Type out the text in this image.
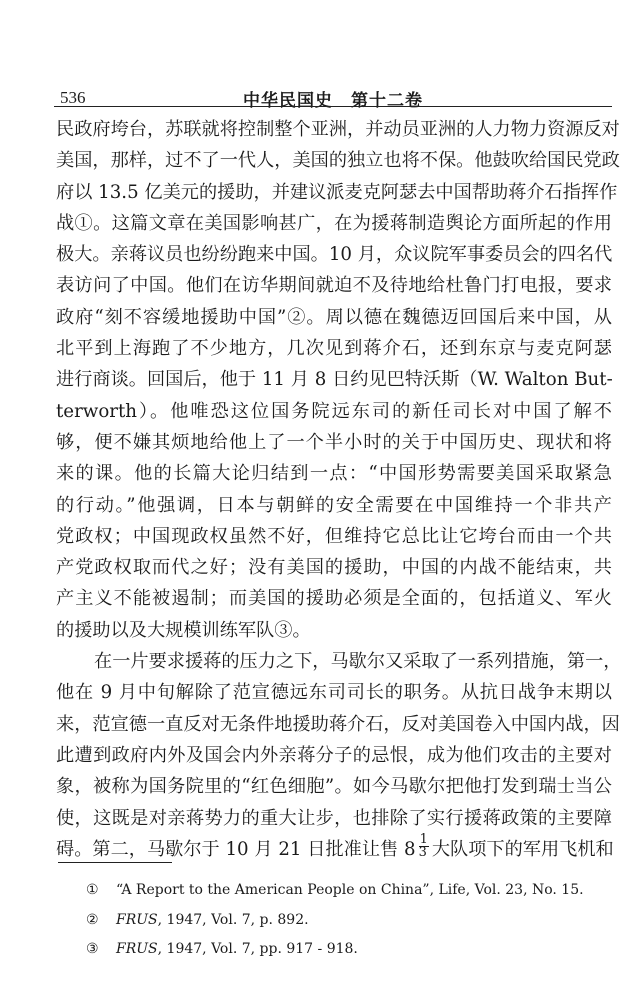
536	中华民国史　第十二卷
民政府垮台，苏联就将控制整个亚洲，并动员亚洲的人力物力资源反对
美国，那样，过不了一代人，美国的独立也将不保。他鼓吹给国民党政
府以 13.5 亿美元的援助，并建议派麦克阿瑟去中国帮助蒋介石指挥作
战①。这篇文章在美国影响甚广，在为援蒋制造舆论方面所起的作用
极大。亲蒋议员也纷纷跑来中国。10 月，众议院军事委员会的四名代
表访问了中国。他们在访华期间就迫不及待地给杜鲁门打电报，要求
政府“刻不容缓地援助中国”②。周以德在魏德迈回国后来中国，从
北平到上海跑了不少地方，几次见到蒋介石，还到东京与麦克阿瑟
进行商谈。回国后，他于 11 月 8 日约见巴特沃斯（W. Walton But-
terworth）。他唯恐这位国务院远东司的新任司长对中国了解不
够，便不嫌其烦地给他上了一个半小时的关于中国历史、现状和将
来的课。他的长篇大论归结到一点：“中国形势需要美国采取紧急
的行动。”他强调，日本与朝鲜的安全需要在中国维持一个非共产
党政权；中国现政权虽然不好，但维持它总比让它垮台而由一个共
产党政权取而代之好；没有美国的援助，中国的内战不能结束，共
产主义不能被遏制；而美国的援助必须是全面的，包括道义、军火
的援助以及大规模训练军队③。
在一片要求援蒋的压力之下，马歇尔又采取了一系列措施，第一，
他在 9 月中旬解除了范宣德远东司司长的职务。从抗日战争末期以
来，范宣德一直反对无条件地援助蒋介石，反对美国卷入中国内战，因
此遭到政府内外及国会内外亲蒋分子的忌恨，成为他们攻击的主要对
象，被称为国务院里的“红色细胞”。如今马歇尔把他打发到瑞士当公
使，这既是对亲蒋势力的重大让步，也排除了实行援蒋政策的主要障
碍。第二，马歇尔于 10 月 21 日批准让售 $8 \frac{1}{3}$ 大队项下的军用飞机和
① “A Report to the American People on China”, Life, Vol. 23, No. 15.
② FRUS, 1947, Vol. 7, p. 892.
③ FRUS, 1947, Vol. 7, pp. 917 - 918.
